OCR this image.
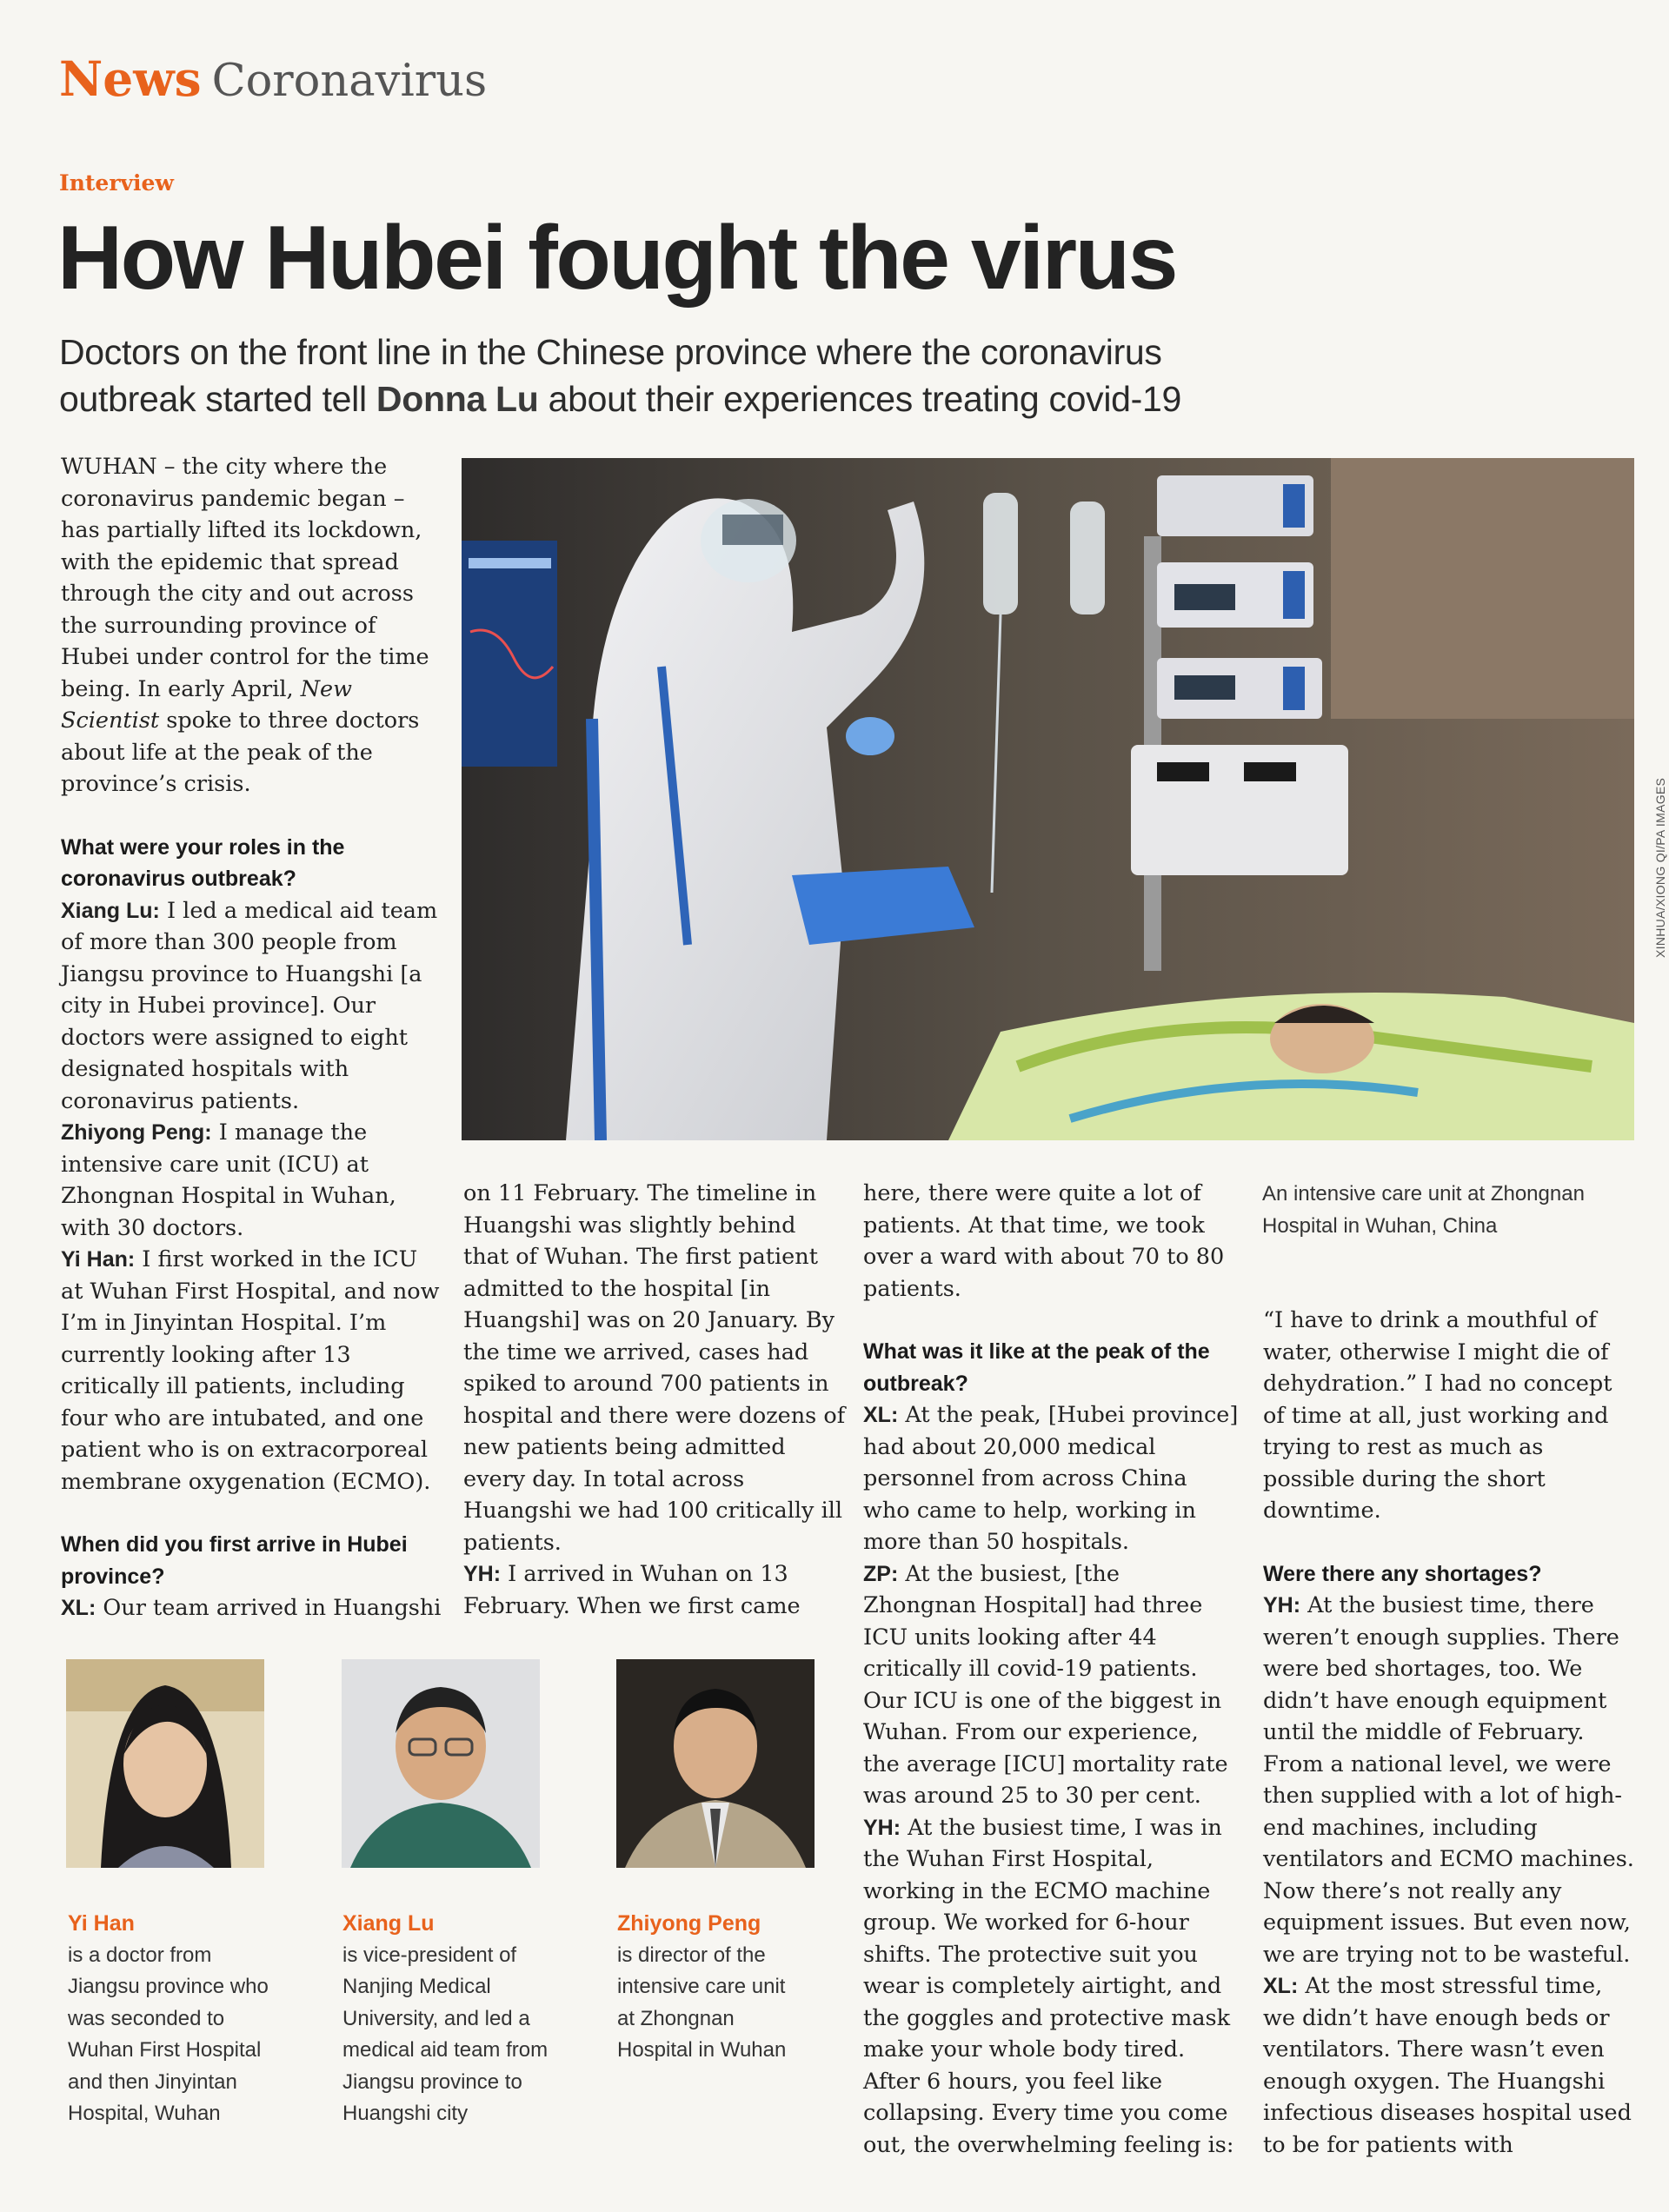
News Coronavirus
Interview
How Hubei fought the virus
Doctors on the front line in the Chinese province where the coronavirus outbreak started tell Donna Lu about their experiences treating covid-19
XINHUA/XIONG QI/PA IMAGES

WUHAN – the city where the coronavirus pandemic began – has partially lifted its lockdown, with the epidemic that spread through the city and out across the surrounding province of Hubei under control for the time being. In early April, New Scientist spoke to three doctors about life at the peak of the province’s crisis.

What were your roles in the coronavirus outbreak?

Xiang Lu: I led a medical aid team of more than 300 people from Jiangsu province to Huangshi [a city in Hubei province]. Our doctors were assigned to eight designated hospitals with coronavirus patients.

Zhiyong Peng: I manage the intensive care unit (ICU) at Zhongnan Hospital in Wuhan, with 30 doctors.

Yi Han: I first worked in the ICU at Wuhan First Hospital, and now I’m in Jinyintan Hospital. I’m currently looking after 13 critically ill patients, including four who are intubated, and one patient who is on extracorporeal membrane oxygenation (ECMO).

When did you first arrive in Hubei province?

XL: Our team arrived in Huangshi

on 11 February. The timeline in Huangshi was slightly behind that of Wuhan. The first patient admitted to the hospital [in Huangshi] was on 20 January. By the time we arrived, cases had spiked to around 700 patients in hospital and there were dozens of new patients being admitted every day. In total across Huangshi we had 100 critically ill patients.

YH: I arrived in Wuhan on 13 February. When we first came

here, there were quite a lot of patients. At that time, we took over a ward with about 70 to 80 patients.

What was it like at the peak of the outbreak?

XL: At the peak, [Hubei province] had about 20,000 medical personnel from across China who came to help, working in more than 50 hospitals.

ZP: At the busiest, [the Zhongnan Hospital] had three ICU units looking after 44 critically ill covid-19 patients. Our ICU is one of the biggest in Wuhan. From our experience, the average [ICU] mortality rate was around 25 to 30 per cent.

YH: At the busiest time, I was in the Wuhan First Hospital, working in the ECMO machine group. We worked for 6-hour shifts. The protective suit you wear is completely airtight, and the goggles and protective mask make your whole body tired. After 6 hours, you feel like collapsing. Every time you come out, the overwhelming feeling is:

An intensive care unit at Zhongnan Hospital in Wuhan, China

“I have to drink a mouthful of water, otherwise I might die of dehydration.” I had no concept of time at all, just working and trying to rest as much as possible during the short downtime.

Were there any shortages?

YH: At the busiest time, there weren’t enough supplies. There were bed shortages, too. We didn’t have enough equipment until the middle of February. From a national level, we were then supplied with a lot of high-end machines, including ventilators and ECMO machines. Now there’s not really any equipment issues. But even now, we are trying not to be wasteful.

XL: At the most stressful time, we didn’t have enough beds or ventilators. There wasn’t even enough oxygen. The Huangshi infectious diseases hospital used to be for patients with

Yi Han
is a doctor from Jiangsu province who was seconded to Wuhan First Hospital and then Jinyintan Hospital, Wuhan
Xiang Lu
is vice-president of Nanjing Medical University, and led a medical aid team from Jiangsu province to Huangshi city
Zhiyong Peng
is director of the intensive care unit at Zhongnan Hospital in Wuhan
